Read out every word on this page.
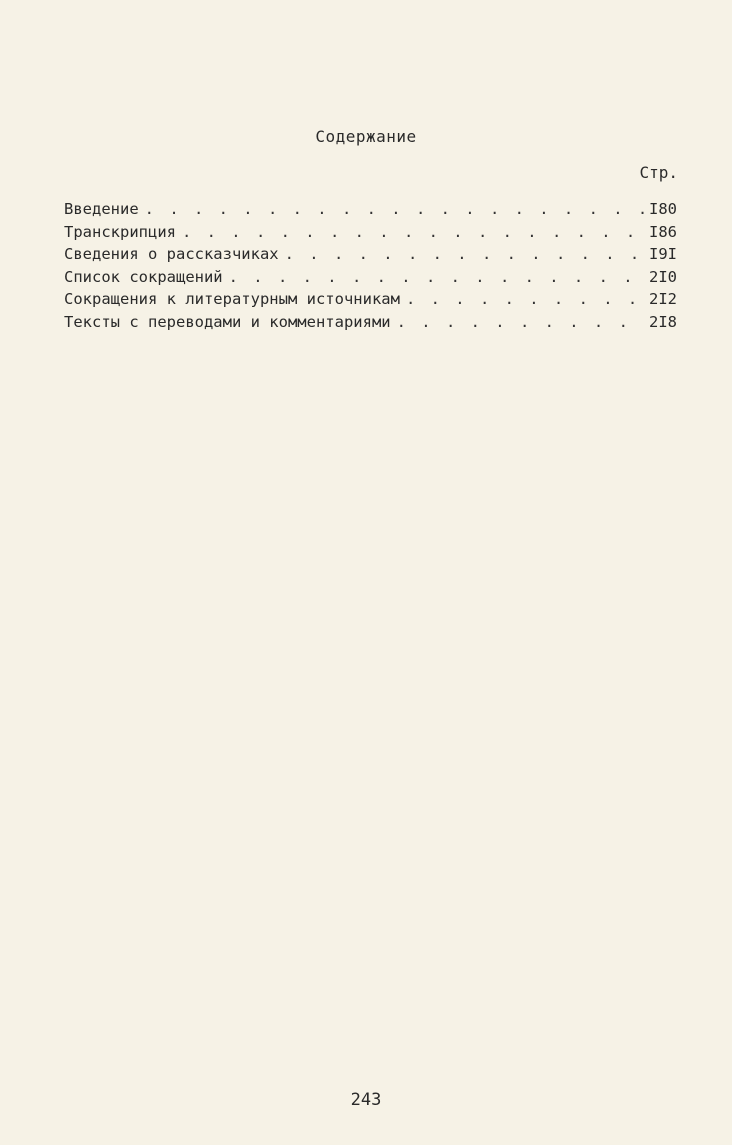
Содержание
Стр.
Введение . . .	I80
Транскрипция . . .	I86
Сведения о рассказчиках . . .	I9I
Список сокращений . . .	2I0
Сокращения к литературным источникам . . .	2I2
Тексты с переводами и комментариями . . .	2I8
243
